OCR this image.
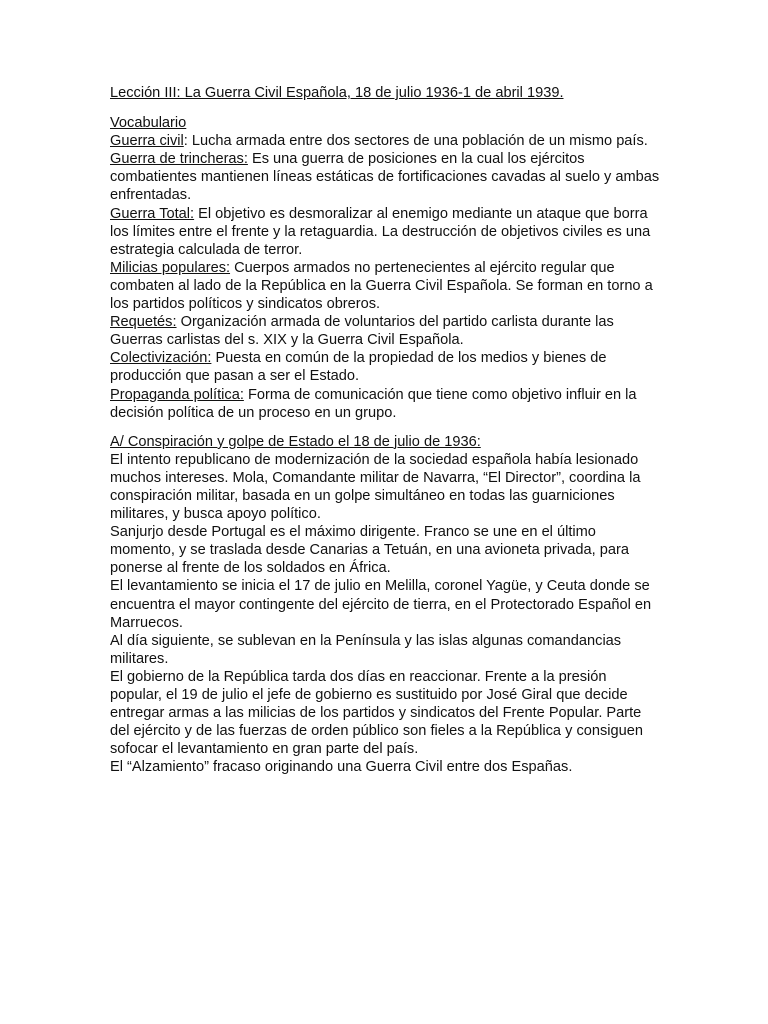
Lección III: La Guerra Civil Española, 18 de julio 1936-1 de abril 1939.

Vocabulario

Guerra civil: Lucha armada entre dos sectores de una población de un mismo país.

Guerra de trincheras: Es una guerra de posiciones en la cual los ejércitos combatientes mantienen líneas estáticas de fortificaciones cavadas al suelo y ambas enfrentadas.

Guerra Total: El objetivo es desmoralizar al enemigo mediante un ataque que borra los límites entre el frente y la retaguardia. La destrucción de objetivos civiles es una estrategia calculada de terror.

Milicias populares: Cuerpos armados no pertenecientes al ejército regular que combaten al lado de la República en la Guerra Civil Española. Se forman en torno a los partidos políticos y sindicatos obreros.

Requetés: Organización armada de voluntarios del partido carlista durante las Guerras carlistas del s. XIX y la Guerra Civil Española.

Colectivización: Puesta en común de la propiedad de los medios y bienes de producción que pasan a ser el Estado.

Propaganda política: Forma de comunicación que tiene como objetivo influir en la decisión política de un proceso en un grupo.

A/ Conspiración y golpe de Estado el 18 de julio de 1936:

El intento republicano de modernización de la sociedad española había lesionado muchos intereses. Mola, Comandante militar de Navarra, “El Director”, coordina la conspiración militar, basada en un golpe simultáneo en todas las guarniciones militares, y busca apoyo político.

Sanjurjo desde Portugal es el máximo dirigente. Franco se une en el último momento, y se traslada desde Canarias a Tetuán, en una avioneta privada, para ponerse al frente de los soldados en África.

El levantamiento se inicia el 17 de julio en Melilla, coronel Yagüe, y Ceuta donde se encuentra el mayor contingente del ejército de tierra, en el Protectorado Español en Marruecos.

Al día siguiente, se sublevan en la Península y las islas algunas comandancias militares.

El gobierno de la República tarda dos días en reaccionar. Frente a la presión popular, el 19 de julio el jefe de gobierno es sustituido por José Giral que decide entregar armas a las milicias de los partidos y sindicatos del Frente Popular. Parte del ejército y de las fuerzas de orden público son fieles a la República y consiguen sofocar el levantamiento en gran parte del país.

El “Alzamiento” fracaso originando una Guerra Civil entre dos Españas.
